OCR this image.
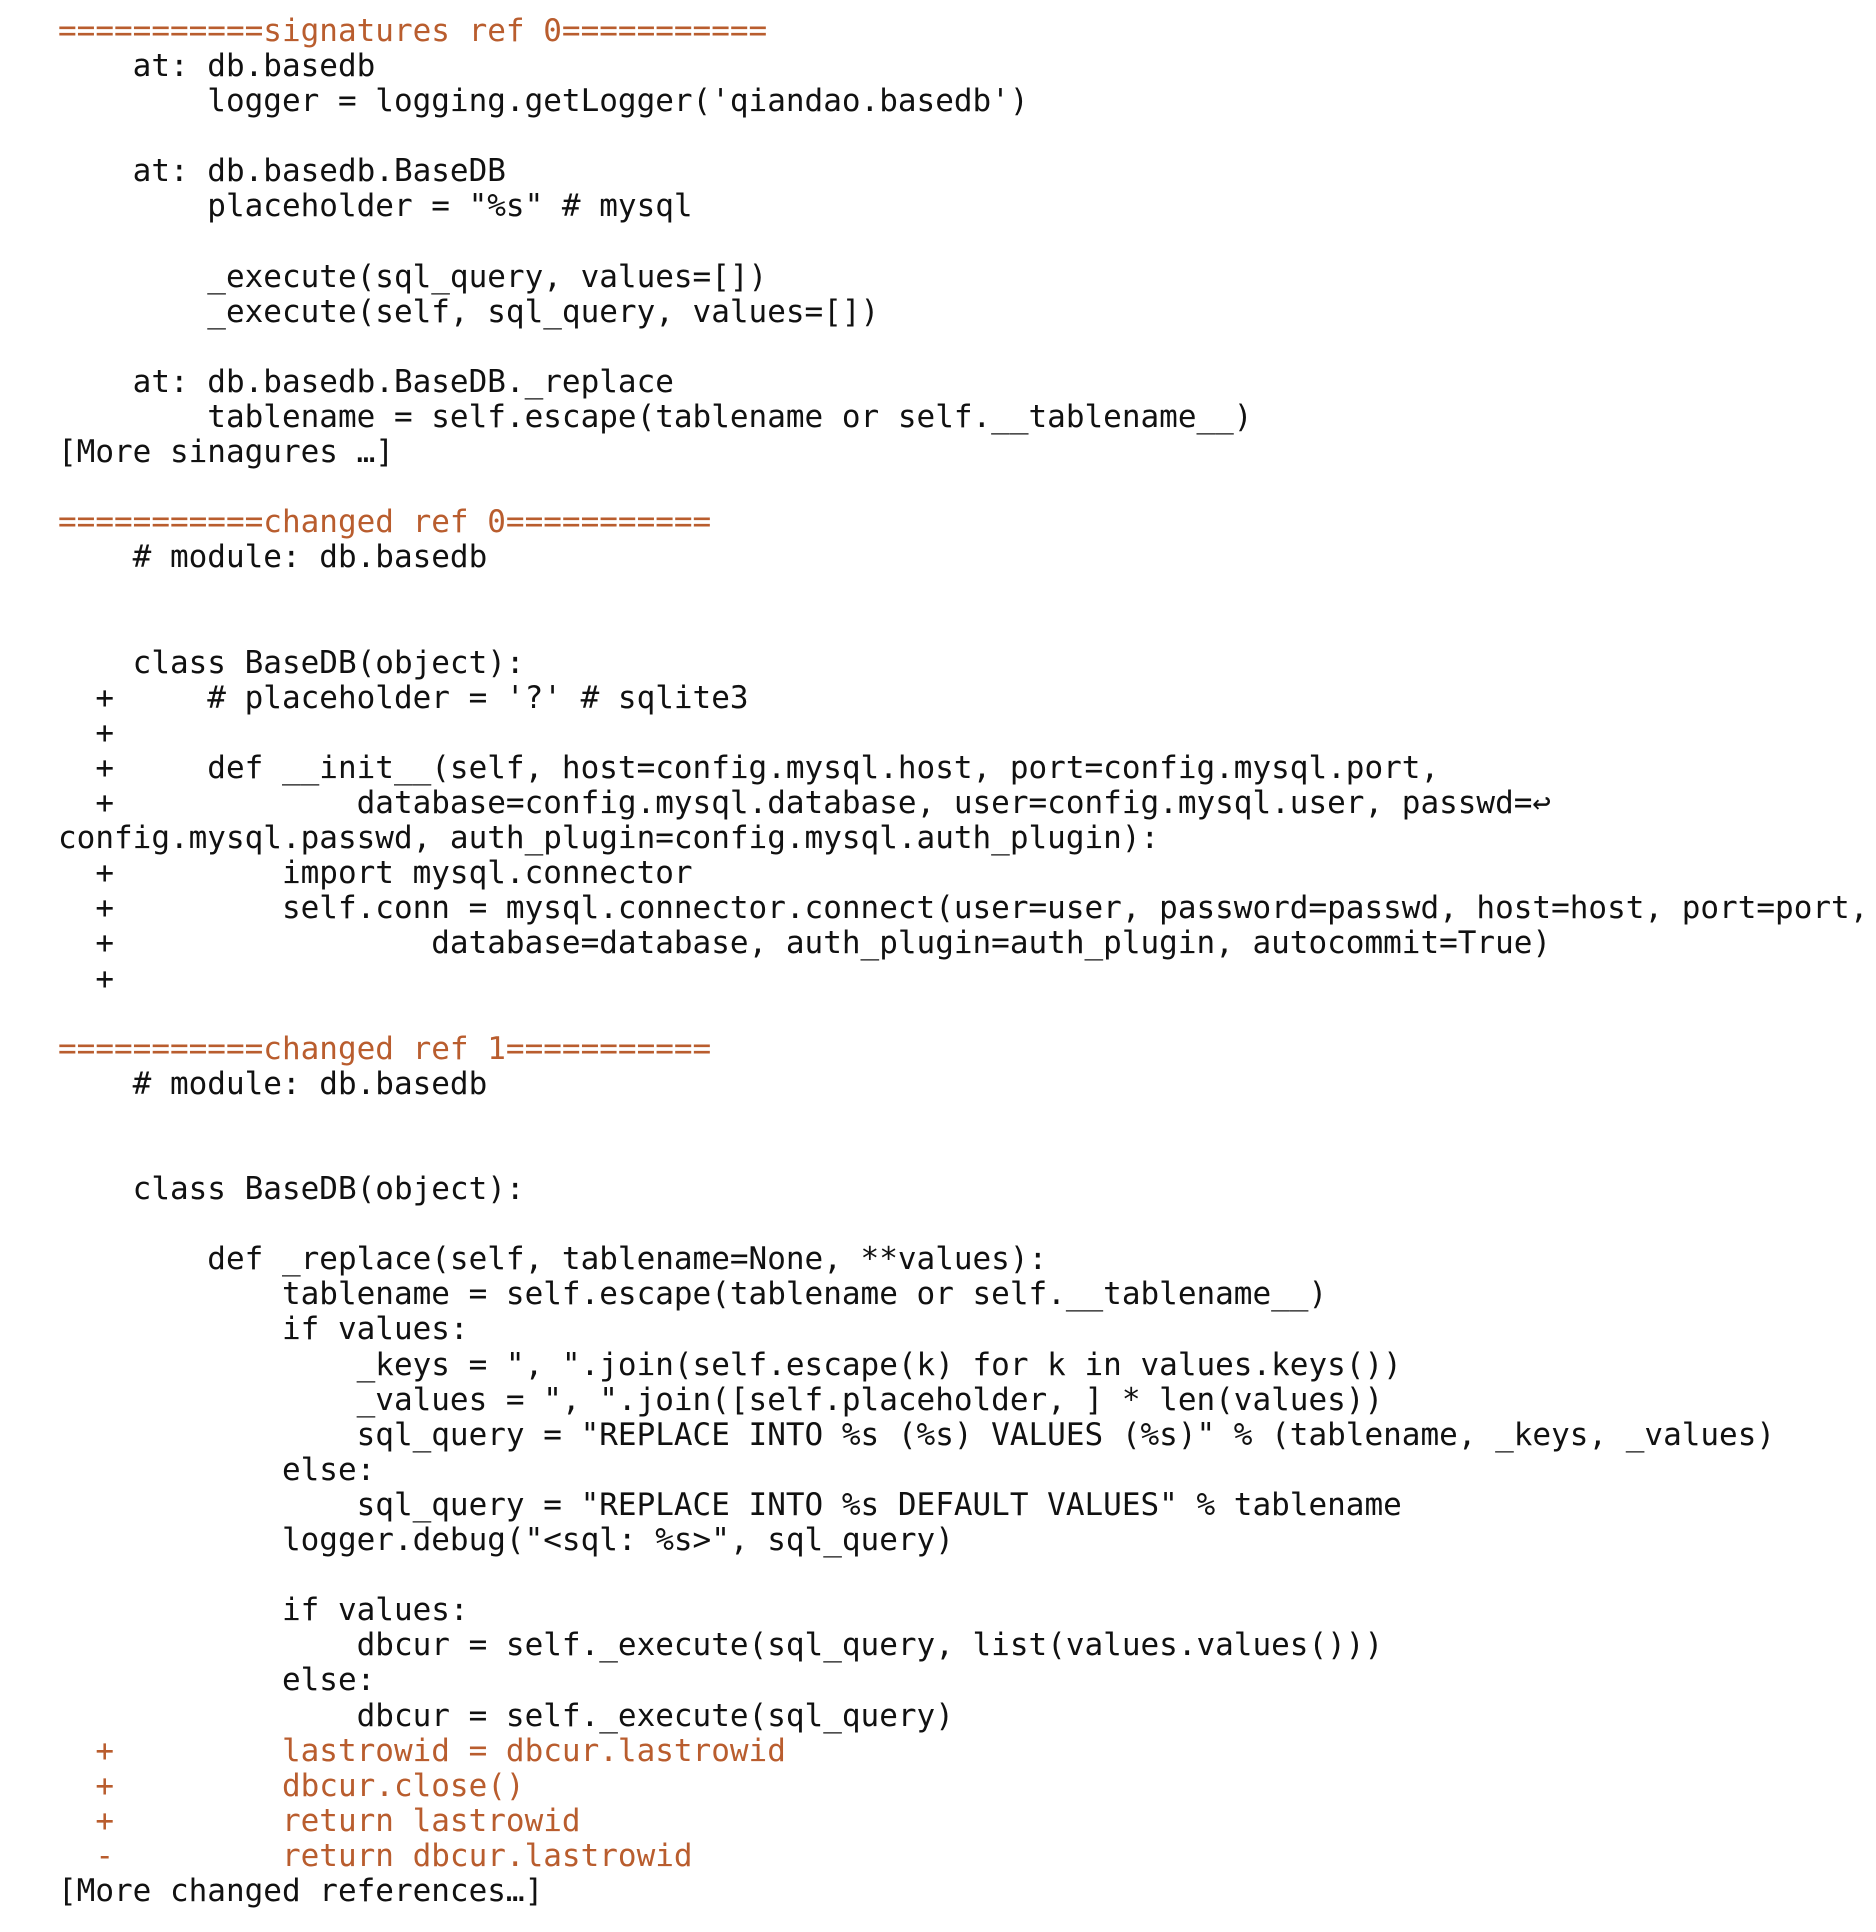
===========signatures ref 0===========
at: db.basedb
logger = logging.getLogger('qiandao.basedb')
at: db.basedb.BaseDB
placeholder = "%s" # mysql
_execute(sql_query, values=[])
_execute(self, sql_query, values=[])
at: db.basedb.BaseDB._replace
tablename = self.escape(tablename or self.__tablename__)
[More sinagures …]
===========changed ref 0===========
# module: db.basedb
class BaseDB(object):
+     # placeholder = '?' # sqlite3
+
+     def __init__(self, host=config.mysql.host, port=config.mysql.port,
+             database=config.mysql.database, user=config.mysql.user, passwd=↩
config.mysql.passwd, auth_plugin=config.mysql.auth_plugin):
+         import mysql.connector
+         self.conn = mysql.connector.connect(user=user, password=passwd, host=host, port=port,
+                 database=database, auth_plugin=auth_plugin, autocommit=True)
+
===========changed ref 1===========
# module: db.basedb
class BaseDB(object):
def _replace(self, tablename=None, **values):
tablename = self.escape(tablename or self.__tablename__)
if values:
_keys = ", ".join(self.escape(k) for k in values.keys())
_values = ", ".join([self.placeholder, ] * len(values))
sql_query = "REPLACE INTO %s (%s) VALUES (%s)" % (tablename, _keys, _values)
else:
sql_query = "REPLACE INTO %s DEFAULT VALUES" % tablename
logger.debug("<sql: %s>", sql_query)
if values:
dbcur = self._execute(sql_query, list(values.values()))
else:
dbcur = self._execute(sql_query)
+         lastrowid = dbcur.lastrowid
+         dbcur.close()
+         return lastrowid
-         return dbcur.lastrowid
[More changed references…]
